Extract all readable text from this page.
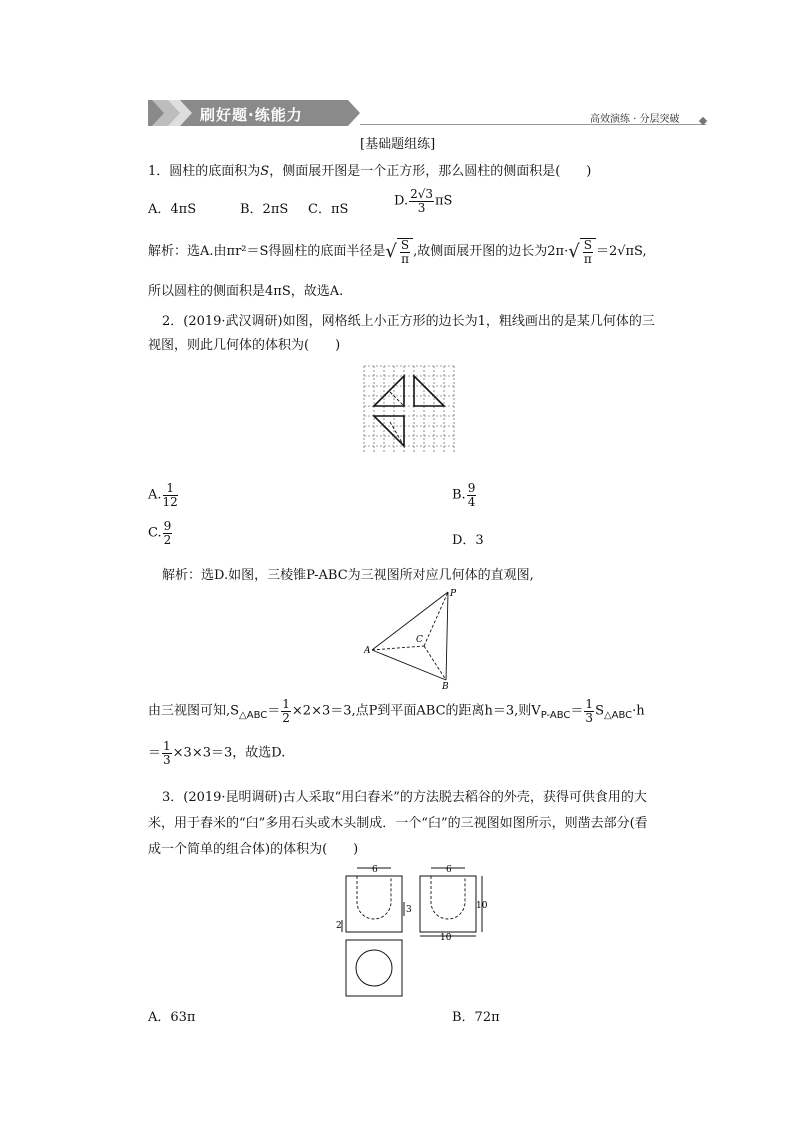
刷好题·练能力	高效演练 · 分层突破
[基础题组练]
1．圆柱的底面积为S，侧面展开图是一个正方形，那么圆柱的侧面积是(　　)
A．4πS	B．2πS C．πS
D. $\frac{2√3}{3}$ πS
解析：选A.由πr²＝S得圆柱的底面半径是√ $\frac{S}{\pi}$ ,故侧面展开图的边长为$2\pi\cdot√ \frac{S}{\pi} =2√\pi S$,
所以圆柱的侧面积是4πS，故选A.
2．(2019·武汉调研)如图，网格纸上小正方形的边长为1，粗线画出的是某几何体的三
视图，则此几何体的体积为(　　)
A. $\frac{1}{12}$	B. $\frac{9}{4}$
C. $\frac{9}{2}$	D．3
解析：选D.如图，三棱锥P-ABC为三视图所对应几何体的直观图,
P
A
B
C
由三视图可知$,S_{\triangle ABC}= \frac{1}{2} \times 2\times 3=3$,点P到平面ABC的距离h＝3,则$V_{P-ABC}= \frac{1}{3} S_{\triangle ABC}\cdot h$
＝ $\frac{1}{3} \times 3\times 3=3$，故选D.
3．(2019·昆明调研)古人采取“用臼舂米”的方法脱去稻谷的外壳，获得可供食用的大
米，用于舂米的“臼”多用石头或木头制成．一个“臼”的三视图如图所示，则凿去部分(看
成一个简单的组合体)的体积为(　　)
6	6
10
10
3
2
A．63π	B．72π
